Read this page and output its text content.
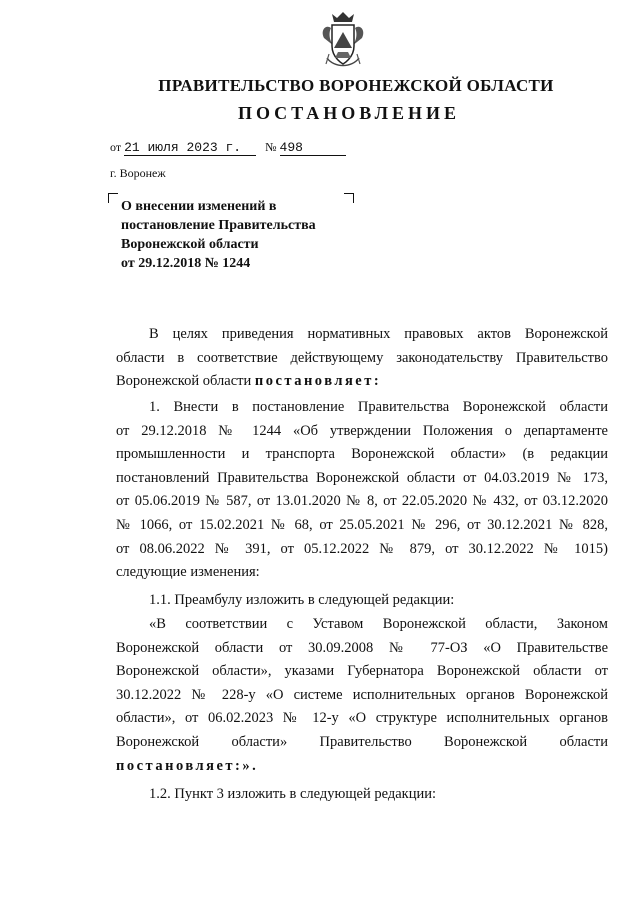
ПРАВИТЕЛЬСТВО ВОРОНЕЖСКОЙ ОБЛАСТИ
ПОСТАНОВЛЕНИЕ
от 21 июля 2023 г. № 498
г. Воронеж
О внесении изменений в
постановление Правительства
Воронежской области
от 29.12.2018 № 1244
В целях приведения нормативных правовых актов Воронежской
области в соответствие действующему законодательству Правительство
Воронежской области постановляет:
1. Внести в постановление Правительства Воронежской области
от 29.12.2018 № 1244 «Об утверждении Положения о департаменте
промышленности и транспорта Воронежской области» (в редакции
постановлений Правительства Воронежской области от 04.03.2019 № 173,
от 05.06.2019 № 587, от 13.01.2020 № 8, от 22.05.2020 № 432, от 03.12.2020
№ 1066, от 15.02.2021 № 68, от 25.05.2021 № 296, от 30.12.2021 № 828,
от 08.06.2022 № 391, от 05.12.2022 № 879, от 30.12.2022 № 1015)
следующие изменения:
1.1. Преамбулу изложить в следующей редакции:
«В соответствии с Уставом Воронежской области, Законом
Воронежской области от 30.09.2008 № 77-ОЗ «О Правительстве
Воронежской области», указами Губернатора Воронежской области от
30.12.2022 № 228-у «О системе исполнительных органов Воронежской
области», от 06.02.2023 № 12-у «О структуре исполнительных органов
Воронежской области» Правительство Воронежской области
постановляет:».
1.2. Пункт 3 изложить в следующей редакции:
